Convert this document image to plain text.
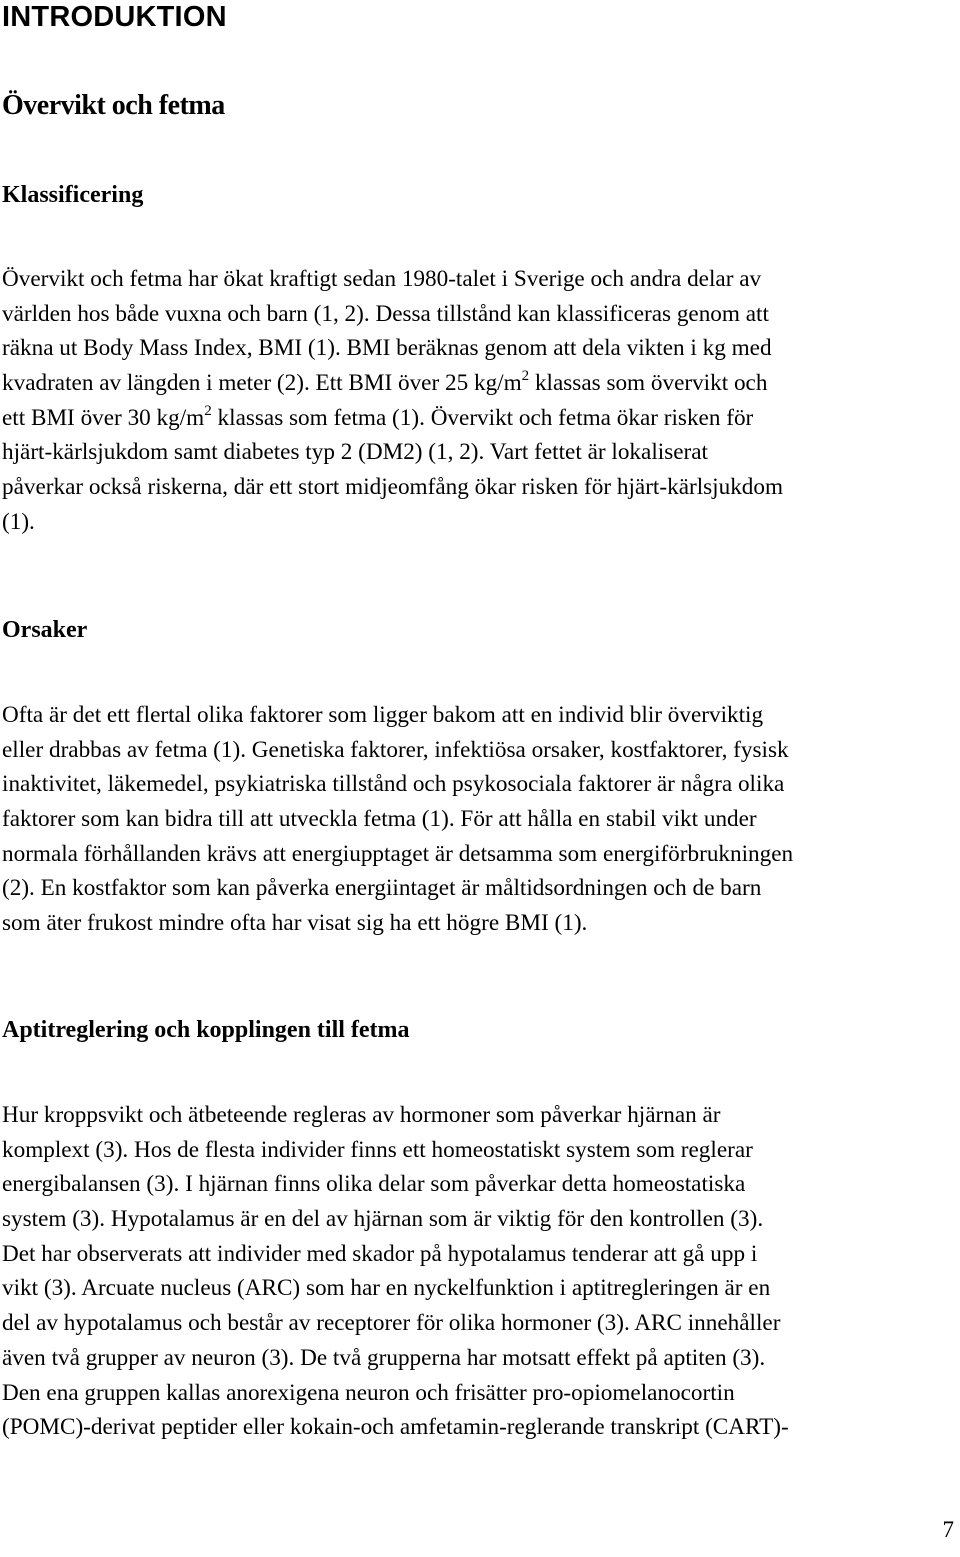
INTRODUKTION
Övervikt och fetma
Klassificering
Övervikt och fetma har ökat kraftigt sedan 1980-talet i Sverige och andra delar av
världen hos både vuxna och barn (1, 2). Dessa tillstånd kan klassificeras genom att
räkna ut Body Mass Index, BMI (1). BMI beräknas genom att dela vikten i kg med
kvadraten av längden i meter (2). Ett BMI över 25 $kg/m^2$ klassas som övervikt och
ett BMI över 30 $kg/m^2$ klassas som fetma (1). Övervikt och fetma ökar risken för
hjärt-kärlsjukdom samt diabetes typ 2 (DM2) (1, 2). Vart fettet är lokaliserat
påverkar också riskerna, där ett stort midjeomfång ökar risken för hjärt-kärlsjukdom
(1).
Orsaker
Ofta är det ett flertal olika faktorer som ligger bakom att en individ blir överviktig
eller drabbas av fetma (1). Genetiska faktorer, infektiösa orsaker, kostfaktorer, fysisk
inaktivitet, läkemedel, psykiatriska tillstånd och psykosociala faktorer är några olika
faktorer som kan bidra till att utveckla fetma (1). För att hålla en stabil vikt under
normala förhållanden krävs att energiupptaget är detsamma som energiförbrukningen
(2). En kostfaktor som kan påverka energiintaget är måltidsordningen och de barn
som äter frukost mindre ofta har visat sig ha ett högre BMI (1).
Aptitreglering och kopplingen till fetma
Hur kroppsvikt och ätbeteende regleras av hormoner som påverkar hjärnan är
komplext (3). Hos de flesta individer finns ett homeostatiskt system som reglerar
energibalansen (3). I hjärnan finns olika delar som påverkar detta homeostatiska
system (3). Hypotalamus är en del av hjärnan som är viktig för den kontrollen (3).
Det har observerats att individer med skador på hypotalamus tenderar att gå upp i
vikt (3). Arcuate nucleus (ARC) som har en nyckelfunktion i aptitregleringen är en
del av hypotalamus och består av receptorer för olika hormoner (3). ARC innehåller
även två grupper av neuron (3). De två grupperna har motsatt effekt på aptiten (3).
Den ena gruppen kallas anorexigena neuron och frisätter pro-opiomelanocortin
(POMC)-derivat peptider eller kokain-och amfetamin-reglerande transkript (CART)-
7
